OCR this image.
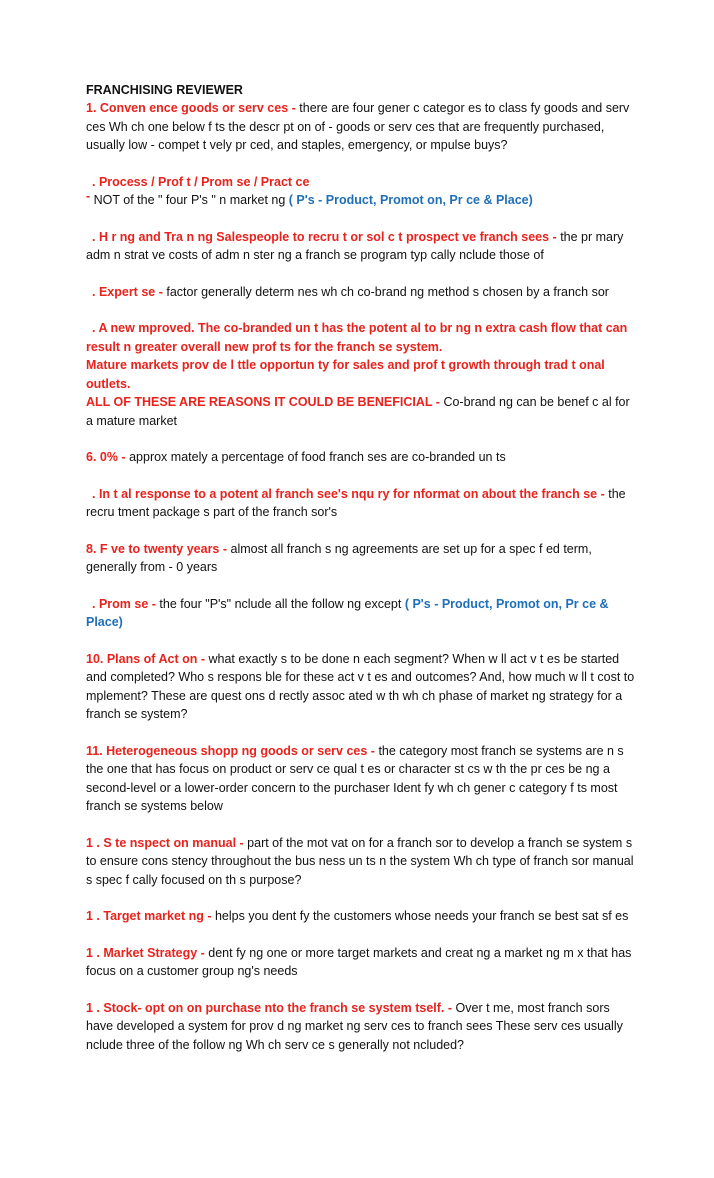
FRANCHISING REVIEWER

1. Conven ence goods or serv ces - there are four gener c categor es to class fy goods and serv ces Wh ch one below f ts the descr pt on of - goods or serv ces that are frequently purchased, usually low - compet t vely pr ced, and staples, emergency, or mpulse buys?

. Process / Prof t / Prom se / Pract ce

- NOT of the " four P's " n market ng ( P's - Product, Promot on, Pr ce & Place)

. H r ng and Tra n ng Salespeople to recru t or sol c t prospect ve franch sees - the pr mary adm n strat ve costs of adm n ster ng a franch se program typ cally nclude those of

. Expert se - factor generally determ nes wh ch co-brand ng method s chosen by a franch sor

. A new mproved. The co-branded un t has the potent al to br ng n extra cash flow that can result n greater overall new prof ts for the franch se system.

Mature markets prov de l ttle opportun ty for sales and prof t growth through trad t onal outlets.

ALL OF THESE ARE REASONS IT COULD BE BENEFICIAL - Co-brand ng can be benef c al for a mature market

6. 0% - approx mately a percentage of food franch ses are co-branded un ts

. In t al response to a potent al franch see's nqu ry for nformat on about the franch se - the recru tment package s part of the franch sor's

8. F ve to twenty years - almost all franch s ng agreements are set up for a spec f ed term, generally from - 0 years

. Prom se - the four "P's" nclude all the follow ng except ( P's - Product, Promot on, Pr ce & Place)

10. Plans of Act on - what exactly s to be done n each segment? When w ll act v t es be started and completed? Who s respons ble for these act v t es and outcomes? And, how much w ll t cost to mplement? These are quest ons d rectly assoc ated w th wh ch phase of market ng strategy for a franch se system?

11. Heterogeneous shopp ng goods or serv ces - the category most franch se systems are n s the one that has focus on product or serv ce qual t es or character st cs w th the pr ces be ng a second-level or a lower-order concern to the purchaser Ident fy wh ch gener c category f ts most franch se systems below

1 . S te nspect on manual - part of the mot vat on for a franch sor to develop a franch se system s to ensure cons stency throughout the bus ness un ts n the system Wh ch type of franch sor manual s spec f cally focused on th s purpose?

1 . Target market ng - helps you dent fy the customers whose needs your franch se best sat sf es

1 . Market Strategy - dent fy ng one or more target markets and creat ng a market ng m x that has focus on a customer group ng's needs

1 . Stock- opt on on purchase nto the franch se system tself. - Over t me, most franch sors have developed a system for prov d ng market ng serv ces to franch sees These serv ces usually nclude three of the follow ng Wh ch serv ce s generally not ncluded?
